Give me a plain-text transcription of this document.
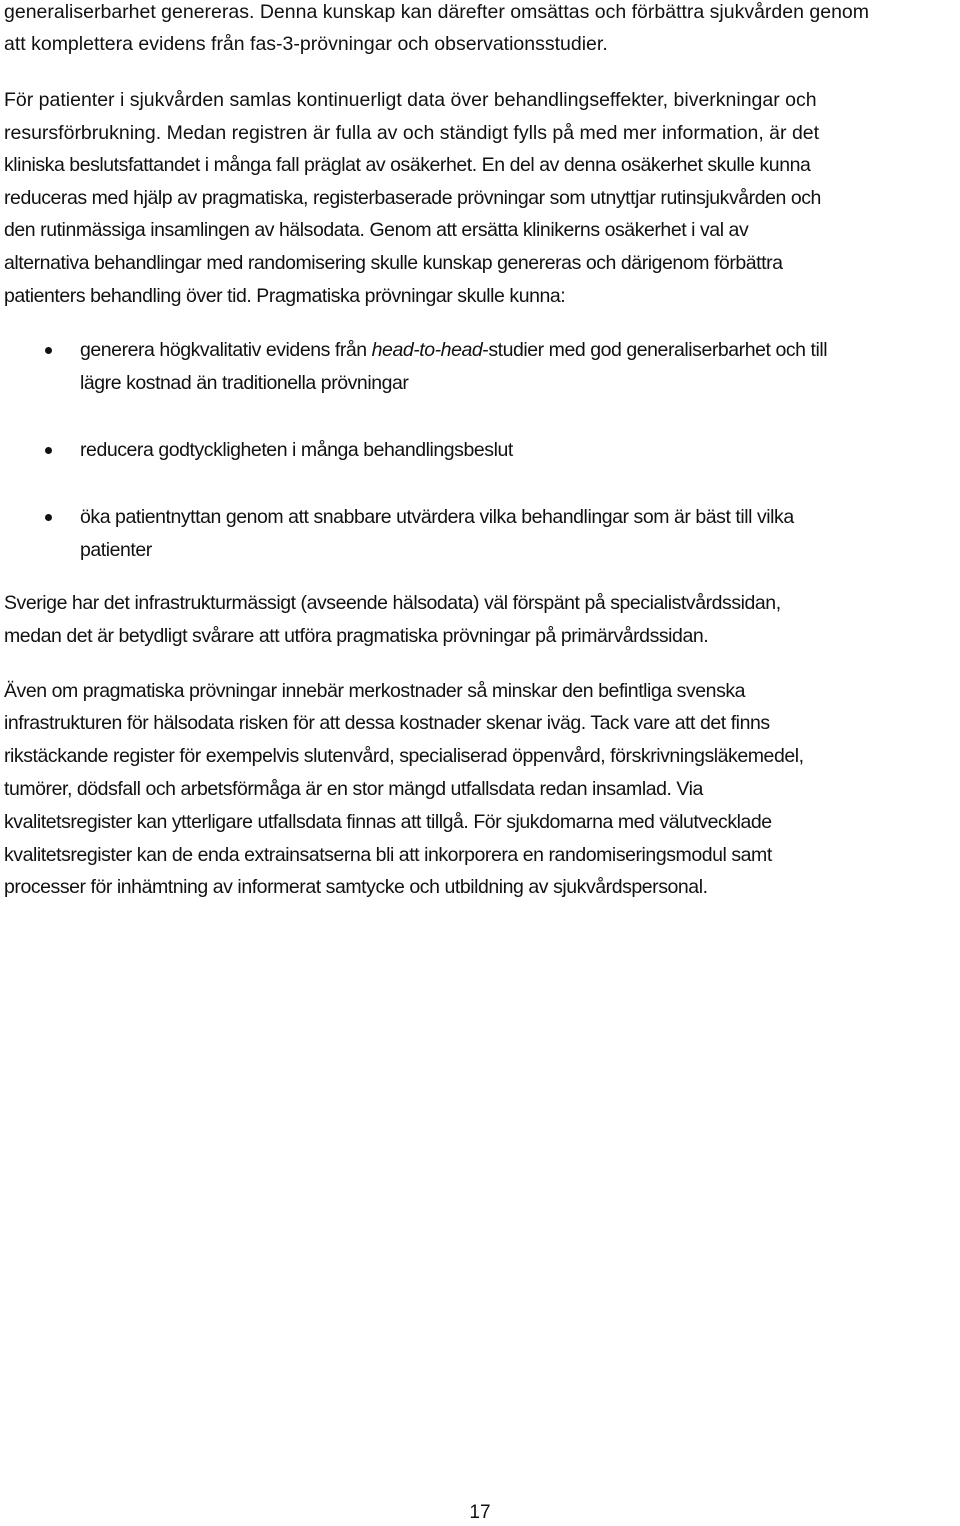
generaliserbarhet genereras. Denna kunskap kan därefter omsättas och förbättra sjukvården genom
att komplettera evidens från fas-3-prövningar och observationsstudier.
För patienter i sjukvården samlas kontinuerligt data över behandlingseffekter, biverkningar och
resursförbrukning. Medan registren är fulla av och ständigt fylls på med mer information, är det
kliniska beslutsfattandet i många fall präglat av osäkerhet. En del av denna osäkerhet skulle kunna
reduceras med hjälp av pragmatiska, registerbaserade prövningar som utnyttjar rutinsjukvården och
den rutinmässiga insamlingen av hälsodata. Genom att ersätta klinikerns osäkerhet i val av
alternativa behandlingar med randomisering skulle kunskap genereras och därigenom förbättra
patienters behandling över tid. Pragmatiska prövningar skulle kunna:
generera högkvalitativ evidens från head-to-head-studier med god generaliserbarhet och till
lägre kostnad än traditionella prövningar
reducera godtyckligheten i många behandlingsbeslut
öka patientnyttan genom att snabbare utvärdera vilka behandlingar som är bäst till vilka
patienter
Sverige har det infrastrukturmässigt (avseende hälsodata) väl förspänt på specialistvårdssidan,
medan det är betydligt svårare att utföra pragmatiska prövningar på primärvårdssidan.
Även om pragmatiska prövningar innebär merkostnader så minskar den befintliga svenska
infrastrukturen för hälsodata risken för att dessa kostnader skenar iväg. Tack vare att det finns
rikstäckande register för exempelvis slutenvård, specialiserad öppenvård, förskrivningsläkemedel,
tumörer, dödsfall och arbetsförmåga är en stor mängd utfallsdata redan insamlad. Via
kvalitetsregister kan ytterligare utfallsdata finnas att tillgå. För sjukdomarna med välutvecklade
kvalitetsregister kan de enda extrainsatserna bli att inkorporera en randomiseringsmodul samt
processer för inhämtning av informerat samtycke och utbildning av sjukvårdspersonal.
17
